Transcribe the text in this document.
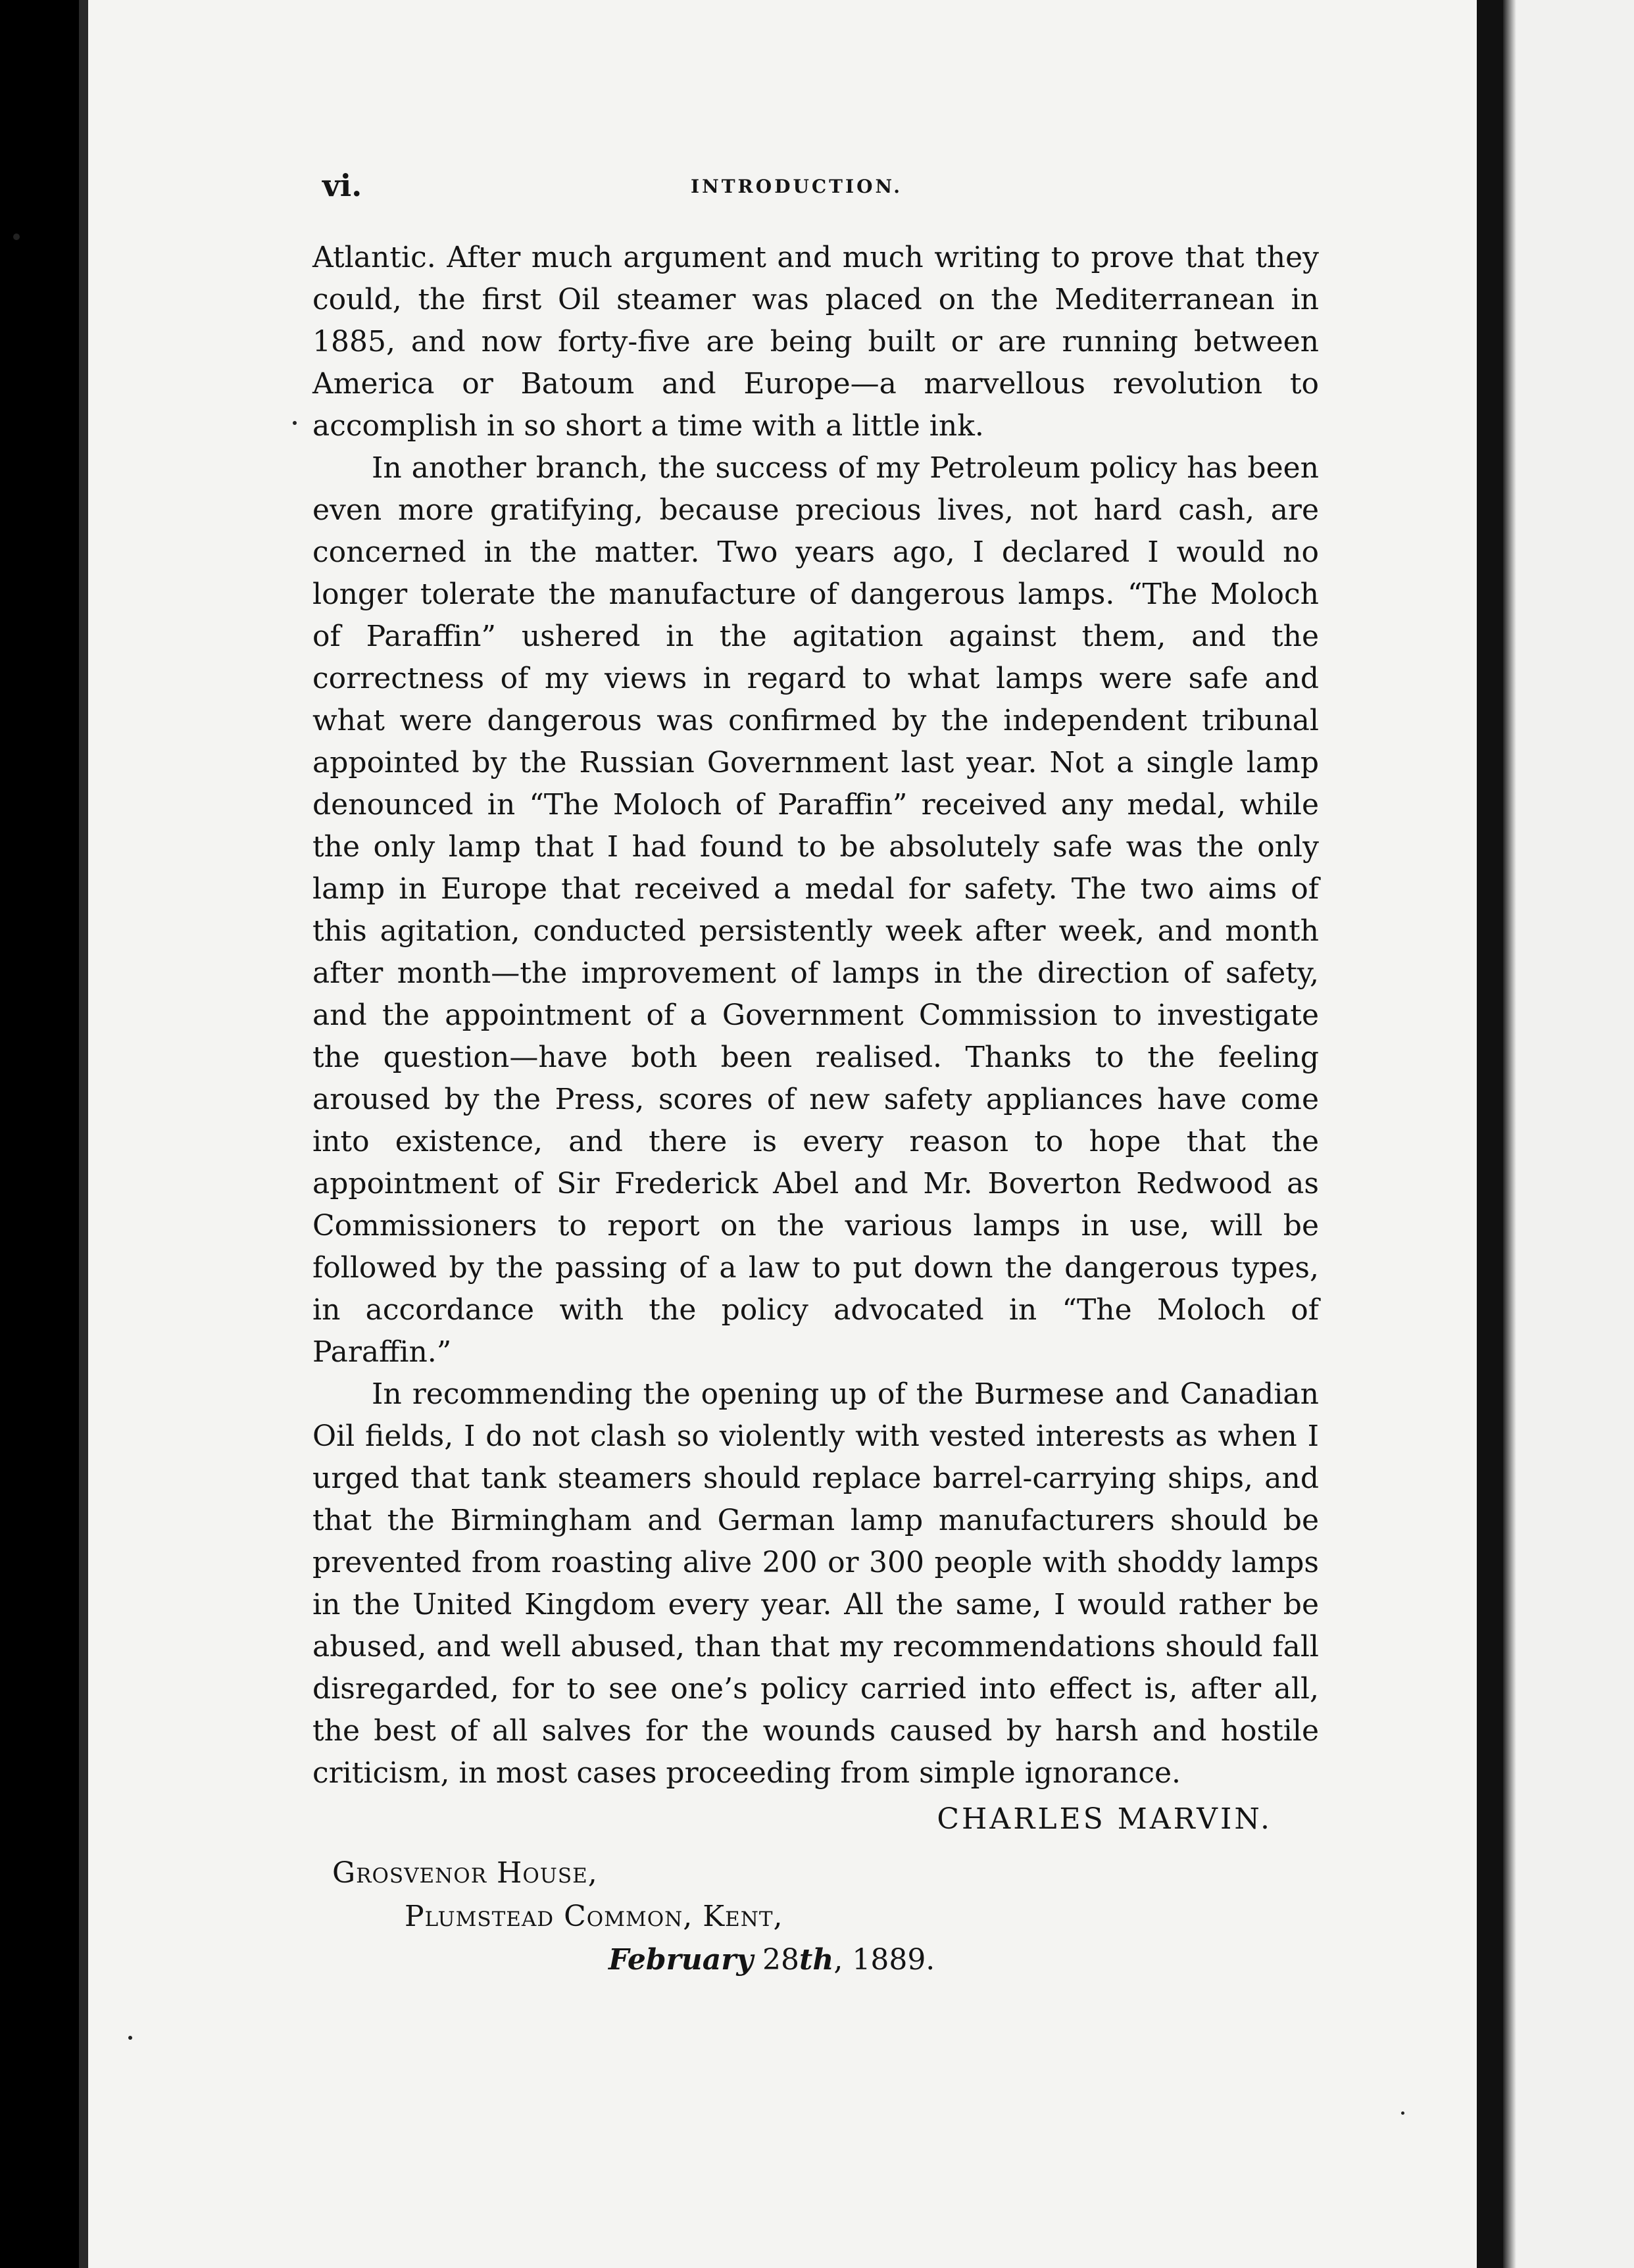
vi.	INTRODUCTION.

Atlantic. After much argument and much writing to prove that they could, the first Oil steamer was placed on the Mediterranean in 1885, and now forty-five are being built or are running between America or Batoum and Europe—a marvellous revolution to accomplish in so short a time with a little ink.

In another branch, the success of my Petroleum policy has been even more gratifying, because precious lives, not hard cash, are concerned in the matter. Two years ago, I declared I would no longer tolerate the manufacture of dangerous lamps. “The Moloch of Paraffin” ushered in the agitation against them, and the correctness of my views in regard to what lamps were safe and what were dangerous was confirmed by the independent tribunal appointed by the Russian Government last year. Not a single lamp denounced in “The Moloch of Paraffin” received any medal, while the only lamp that I had found to be absolutely safe was the only lamp in Europe that received a medal for safety. The two aims of this agitation, conducted persistently week after week, and month after month—the improvement of lamps in the direction of safety, and the appointment of a Government Commission to investigate the question—have both been realised. Thanks to the feeling aroused by the Press, scores of new safety appliances have come into existence, and there is every reason to hope that the appointment of Sir Frederick Abel and Mr. Boverton Redwood as Commissioners to report on the various lamps in use, will be followed by the passing of a law to put down the dangerous types, in accordance with the policy advocated in “The Moloch of Paraffin.”

In recommending the opening up of the Burmese and Canadian Oil fields, I do not clash so violently with vested interests as when I urged that tank steamers should replace barrel-carrying ships, and that the Birmingham and German lamp manufacturers should be prevented from roasting alive 200 or 300 people with shoddy lamps in the United Kingdom every year. All the same, I would rather be abused, and well abused, than that my recommendations should fall disregarded, for to see one’s policy carried into effect is, after all, the best of all salves for the wounds caused by harsh and hostile criticism, in most cases proceeding from simple ignorance.

CHARLES MARVIN.
Grosvenor House,
Plumstead Common, Kent,
February 28th, 1889.
